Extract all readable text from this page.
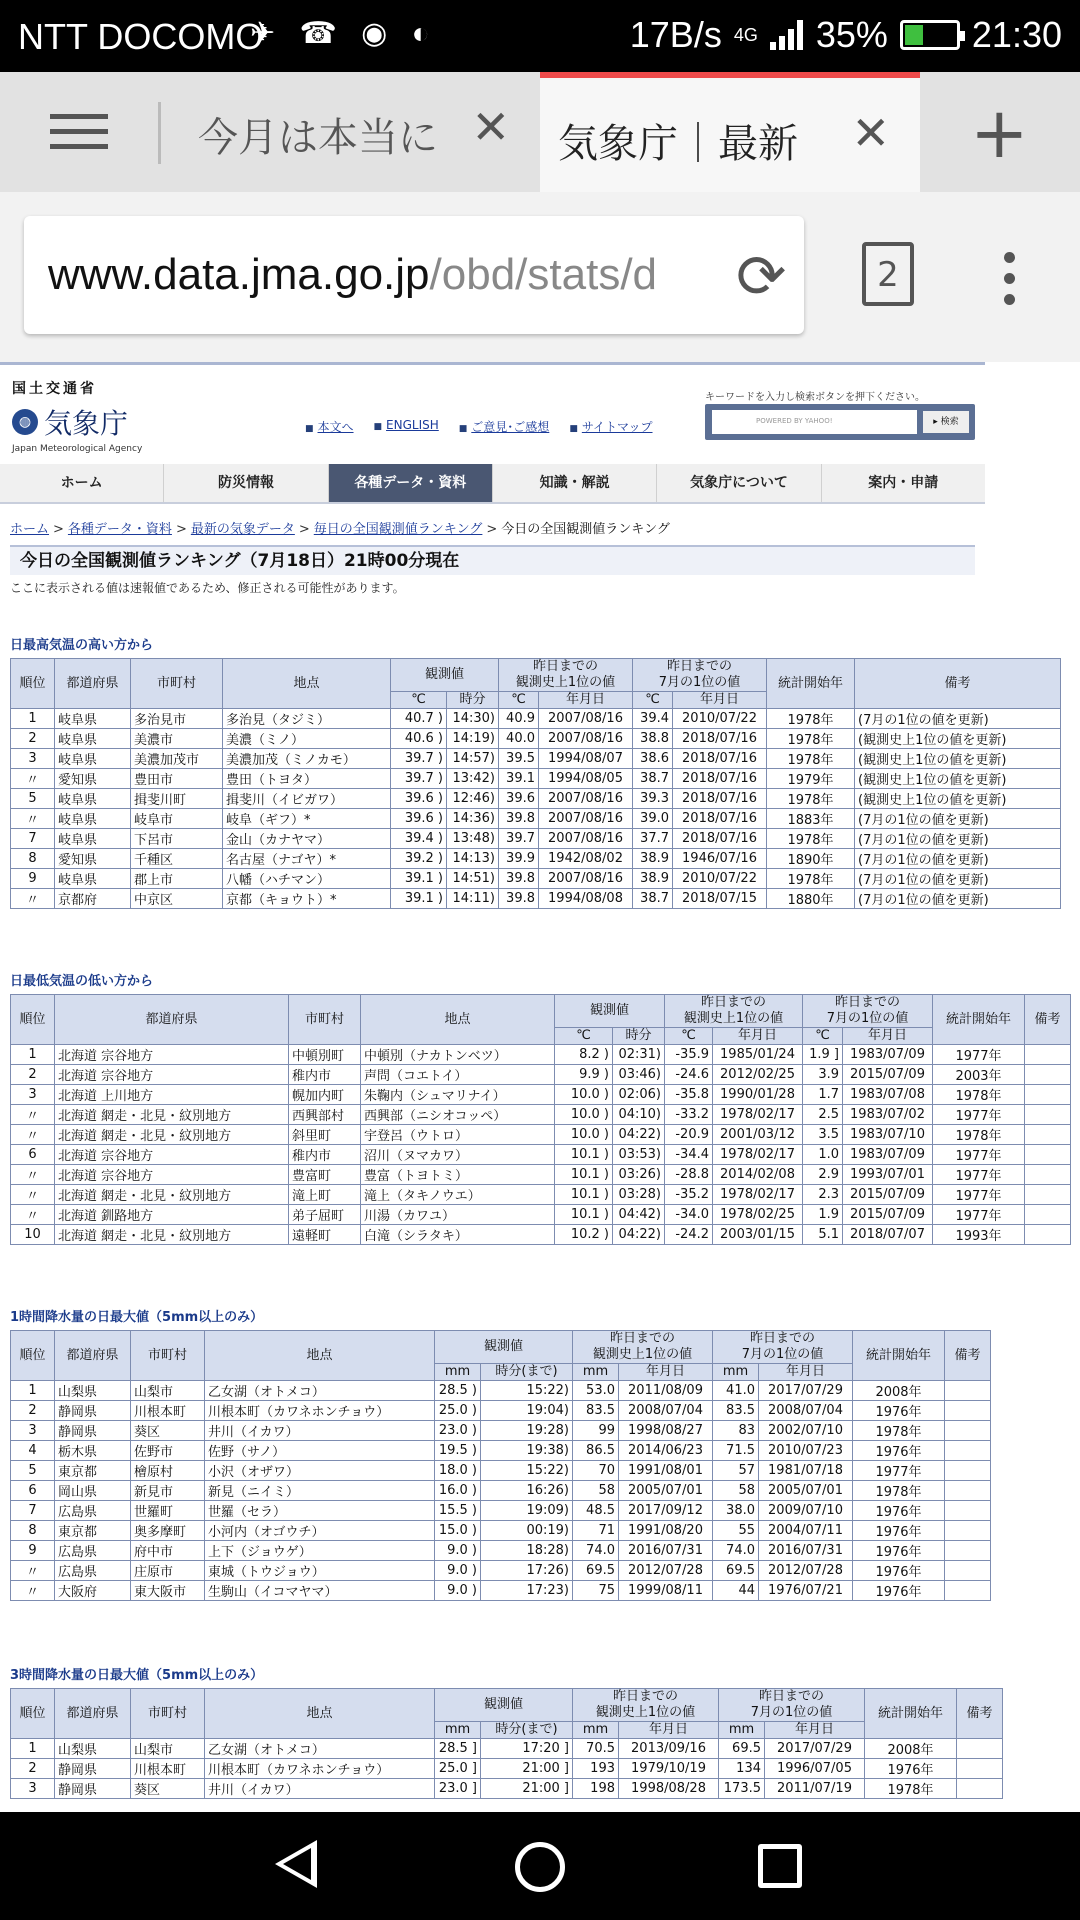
NTT DOCOMO
✈ ☎ ◉ ◐	17B/s 4G 35% 21:30
今月は本当に ✕ 気象庁｜最新 ✕ +
www.data.jma.go.jp/obd/stats/d ⟳	2
国土交通省
◍ 気象庁
Japan Meteorological Agency
■ 本文へ	■ ENGLISH	■ ご意見･ご感想	■ サイトマップ
キーワードを入力し検索ボタンを押下ください。
POWERED BY YAHOO!	▸ 検索
ホーム	防災情報	各種データ・資料	知識・解説	気象庁について	案内・申請
ホーム > 各種データ・資料 > 最新の気象データ > 毎日の全国観測値ランキング > 今日の全国観測値ランキング
今日の全国観測値ランキング（7月18日）21時00分現在
ここに表示される値は速報値であるため、修正される可能性があります。
日最高気温の高い方から
順位	都道府県	市町村	地点	観測値		昨日までの
観測史上1位の値		昨日までの
7月の1位の値		統計開始年	備考
				℃	時分	℃	年月日	℃	年月日		
1	岐阜県	多治見市	多治見（タジミ）	40.7 )	14:30)	40.9	2007/08/16	39.4	2010/07/22	1978年	(7月の1位の値を更新)
2	岐阜県	美濃市	美濃（ミノ）	40.6 )	14:19)	40.0	2007/08/16	38.8	2018/07/16	1978年	(観測史上1位の値を更新)
3	岐阜県	美濃加茂市	美濃加茂（ミノカモ）	39.7 )	14:57)	39.5	1994/08/07	38.6	2018/07/16	1978年	(観測史上1位の値を更新)
〃	愛知県	豊田市	豊田（トヨタ）	39.7 )	13:42)	39.1	1994/08/05	38.7	2018/07/16	1979年	(観測史上1位の値を更新)
5	岐阜県	揖斐川町	揖斐川（イビガワ）	39.6 )	12:46)	39.6	2007/08/16	39.3	2018/07/16	1978年	(観測史上1位の値を更新)
〃	岐阜県	岐阜市	岐阜（ギフ）*	39.6 )	14:36)	39.8	2007/08/16	39.0	2018/07/16	1883年	(7月の1位の値を更新)
7	岐阜県	下呂市	金山（カナヤマ）	39.4 )	13:48)	39.7	2007/08/16	37.7	2018/07/16	1978年	(7月の1位の値を更新)
8	愛知県	千種区	名古屋（ナゴヤ）*	39.2 )	14:13)	39.9	1942/08/02	38.9	1946/07/16	1890年	(7月の1位の値を更新)
9	岐阜県	郡上市	八幡（ハチマン）	39.1 )	14:51)	39.8	2007/08/16	38.9	2010/07/22	1978年	(7月の1位の値を更新)
〃	京都府	中京区	京都（キョウト）*	39.1 )	14:11)	39.8	1994/08/08	38.7	2018/07/15	1880年	(7月の1位の値を更新)
日最低気温の低い方から
順位	都道府県	市町村	地点	観測値		昨日までの
観測史上1位の値		昨日までの
7月の1位の値		統計開始年	備考
				℃	時分	℃	年月日	℃	年月日		
1	北海道 宗谷地方	中頓別町	中頓別（ナカトンベツ）	8.2 )	02:31)	-35.9	1985/01/24	1.9 ]	1983/07/09	1977年	
2	北海道 宗谷地方	稚内市	声問（コエトイ）	9.9 )	03:46)	-24.6	2012/02/25	3.9	2015/07/09	2003年	
3	北海道 上川地方	幌加内町	朱鞠内（シュマリナイ）	10.0 )	02:06)	-35.8	1990/01/28	1.7	1983/07/08	1978年	
〃	北海道 網走・北見・紋別地方	西興部村	西興部（ニシオコッペ）	10.0 )	04:10)	-33.2	1978/02/17	2.5	1983/07/02	1977年	
〃	北海道 網走・北見・紋別地方	斜里町	宇登呂（ウトロ）	10.0 )	04:22)	-20.9	2001/03/12	3.5	1983/07/10	1978年	
6	北海道 宗谷地方	稚内市	沼川（ヌマカワ）	10.1 )	03:53)	-34.4	1978/02/17	1.0	1983/07/09	1977年	
〃	北海道 宗谷地方	豊富町	豊富（トヨトミ）	10.1 )	03:26)	-28.8	2014/02/08	2.9	1993/07/01	1977年	
〃	北海道 網走・北見・紋別地方	滝上町	滝上（タキノウエ）	10.1 )	03:28)	-35.2	1978/02/17	2.3	2015/07/09	1977年	
〃	北海道 釧路地方	弟子屈町	川湯（カワユ）	10.1 )	04:42)	-34.0	1978/02/25	1.9	2015/07/09	1977年	
10	北海道 網走・北見・紋別地方	遠軽町	白滝（シラタキ）	10.2 )	04:22)	-24.2	2003/01/15	5.1	2018/07/07	1993年	
1時間降水量の日最大値（5mm以上のみ）
順位	都道府県	市町村	地点	観測値		昨日までの
観測史上1位の値		昨日までの
7月の1位の値		統計開始年	備考
				mm	時分(まで)	mm	年月日	mm	年月日		
1	山梨県	山梨市	乙女湖（オトメコ）	28.5 )	15:22)	53.0	2011/08/09	41.0	2017/07/29	2008年	
2	静岡県	川根本町	川根本町（カワネホンチョウ）	25.0 )	19:04)	83.5	2008/07/04	83.5	2008/07/04	1976年	
3	静岡県	葵区	井川（イカワ）	23.0 )	19:28)	99	1998/08/27	83	2002/07/10	1978年	
4	栃木県	佐野市	佐野（サノ）	19.5 )	19:38)	86.5	2014/06/23	71.5	2010/07/23	1976年	
5	東京都	檜原村	小沢（オザワ）	18.0 )	15:22)	70	1991/08/01	57	1981/07/18	1977年	
6	岡山県	新見市	新見（ニイミ）	16.0 )	16:26)	58	2005/07/01	58	2005/07/01	1978年	
7	広島県	世羅町	世羅（セラ）	15.5 )	19:09)	48.5	2017/09/12	38.0	2009/07/10	1976年	
8	東京都	奥多摩町	小河内（オゴウチ）	15.0 )	00:19)	71	1991/08/20	55	2004/07/11	1976年	
9	広島県	府中市	上下（ジョウゲ）	9.0 )	18:28)	74.0	2016/07/31	74.0	2016/07/31	1976年	
〃	広島県	庄原市	東城（トウジョウ）	9.0 )	17:26)	69.5	2012/07/28	69.5	2012/07/28	1976年	
〃	大阪府	東大阪市	生駒山（イコマヤマ）	9.0 )	17:23)	75	1999/08/11	44	1976/07/21	1976年	
3時間降水量の日最大値（5mm以上のみ）
順位	都道府県	市町村	地点	観測値		昨日までの
観測史上1位の値		昨日までの
7月の1位の値		統計開始年	備考
				mm	時分(まで)	mm	年月日	mm	年月日		
1	山梨県	山梨市	乙女湖（オトメコ）	28.5 ]	17:20 ]	70.5	2013/09/16	69.5	2017/07/29	2008年	
2	静岡県	川根本町	川根本町（カワネホンチョウ）	25.0 ]	21:00 ]	193	1979/10/19	134	1996/07/05	1976年	
3	静岡県	葵区	井川（イカワ）	23.0 ]	21:00 ]	198	1998/08/28	173.5	2011/07/19	1978年	
